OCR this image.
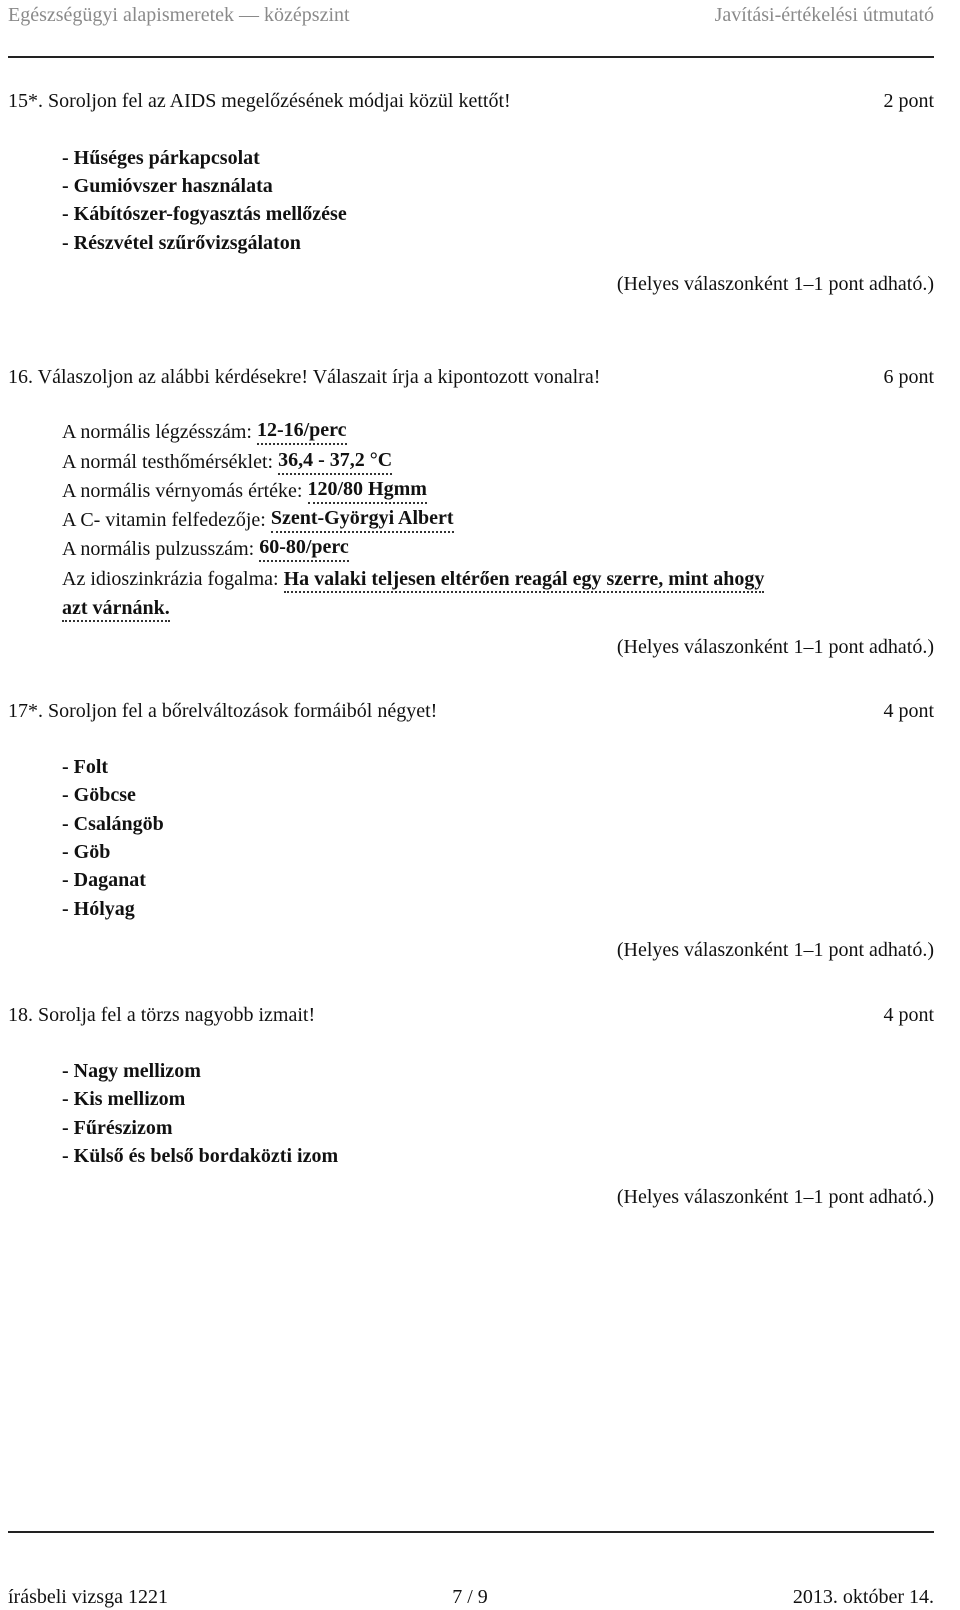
Egészségügyi alapismeretek — középszint	Javítási-értékelési útmutató
15*. Soroljon fel az AIDS megelőzésének módjai közül kettőt!	2 pont
- Hűséges párkapcsolat
- Gumióvszer használata
- Kábítószer-fogyasztás mellőzése
- Részvétel szűrővizsgálaton
(Helyes válaszonként 1–1 pont adható.)
16. Válaszoljon az alábbi kérdésekre! Válaszait írja a kipontozott vonalra!	6 pont
A normális légzésszám:
12-16/perc
A normál testhőmérséklet:
36,4 - 37,2 °C
A normális vérnyomás értéke:
120/80 Hgmm
A C- vitamin felfedezője:
Szent-Györgyi Albert
A normális pulzusszám:
60-80/perc
Az idioszinkrázia fogalma: Ha valaki teljesen eltérően reagál egy szerre, mint ahogy
azt várnánk.
(Helyes válaszonként 1–1 pont adható.)
17*. Soroljon fel a bőrelváltozások formáiból négyet!	4 pont
- Folt
- Göbcse
- Csalángöb
- Göb
- Daganat
- Hólyag
(Helyes válaszonként 1–1 pont adható.)
18. Sorolja fel a törzs nagyobb izmait!	4 pont
- Nagy mellizom
- Kis mellizom
- Fűrészizom
- Külső és belső bordaközti izom
(Helyes válaszonként 1–1 pont adható.)
írásbeli vizsga 1221	7 / 9	2013. október 14.
